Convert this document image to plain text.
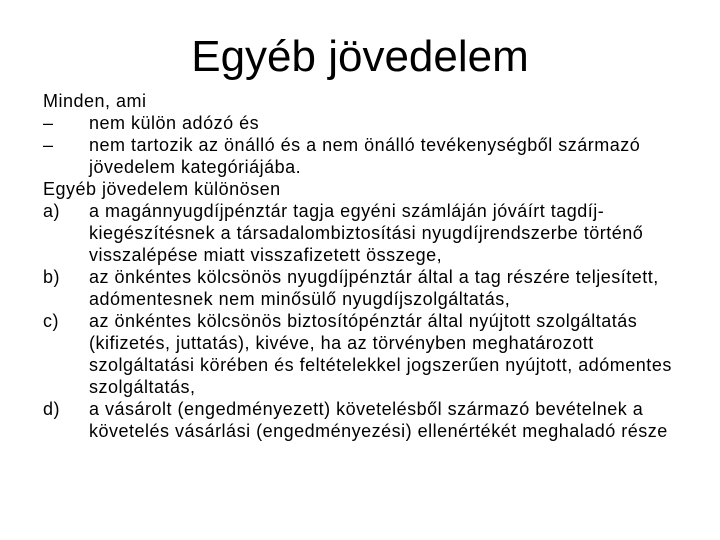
Egyéb jövedelem
Minden, ami
–	nem külön adózó és
–	nem tartozik az önálló és a nem önálló tevékenységből származó jövedelem kategóriájába.
Egyéb jövedelem különösen
a)	a magánnyugdíjpénztár tagja egyéni számláján jóváírt tagdíj-kiegészítésnek a társadalombiztosítási nyugdíjrendszerbe történő visszalépése miatt visszafizetett összege,
b)	az önkéntes kölcsönös nyugdíjpénztár által a tag részére teljesített, adómentesnek nem minősülő nyugdíjszolgáltatás,
c)	az önkéntes kölcsönös biztosítópénztár által nyújtott szolgáltatás (kifizetés, juttatás), kivéve, ha az törvényben meghatározott szolgáltatási körében és feltételekkel jogszerűen nyújtott, adómentes szolgáltatás,
d)	a vásárolt (engedményezett) követelésből származó bevételnek a követelés vásárlási (engedményezési) ellenértékét meghaladó része
